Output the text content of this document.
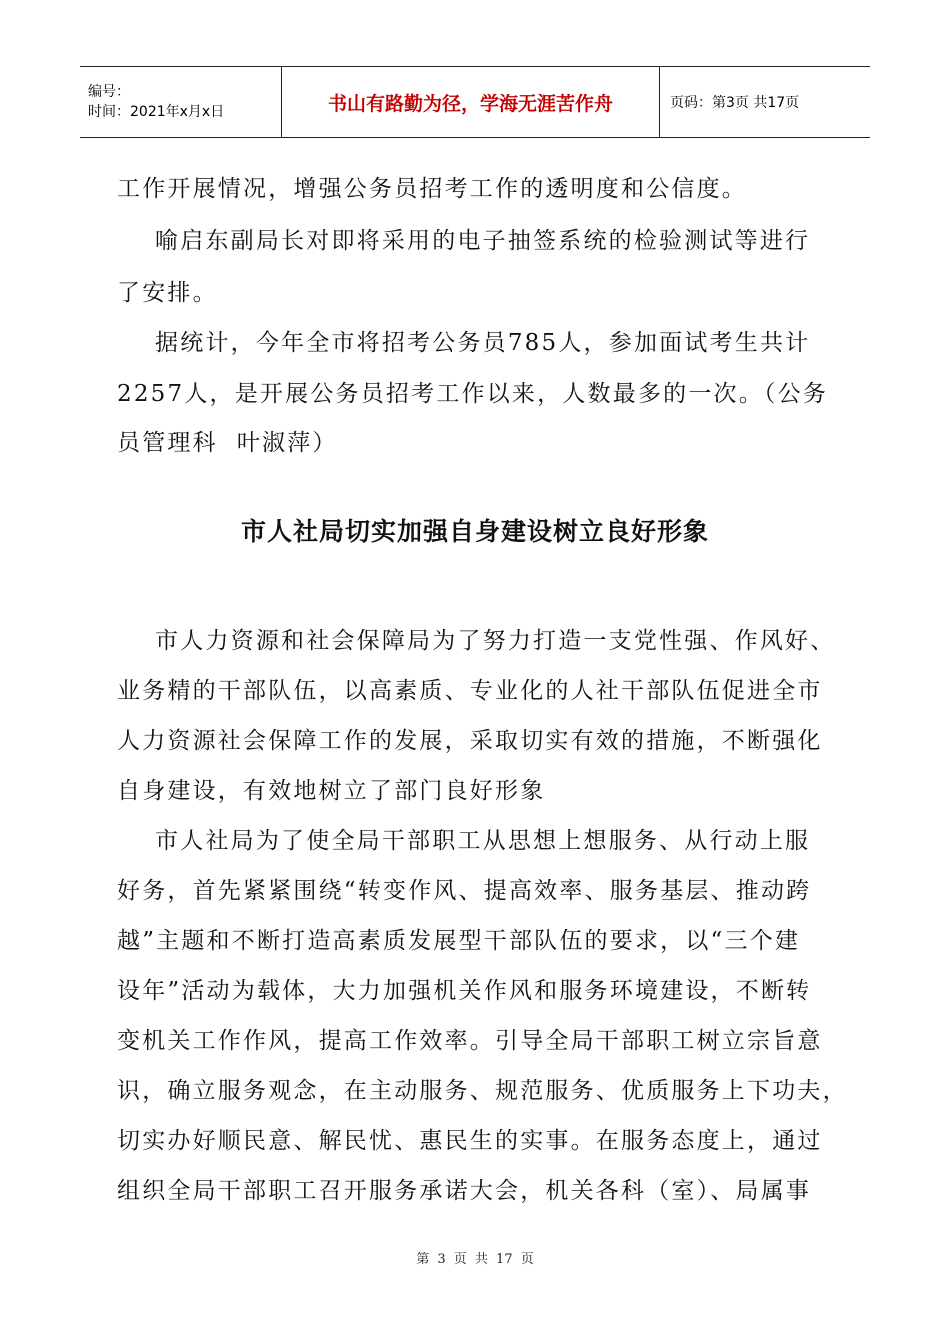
编号：
时间：2021年x月x日	书山有路勤为径，学海无涯苦作舟	页码：第3页 共17页
工作开展情况，增强公务员招考工作的透明度和公信度。
喻启东副局长对即将采用的电子抽签系统的检验测试等进行
了安排。
据统计，今年全市将招考公务员785人，参加面试考生共计
2257人，是开展公务员招考工作以来，人数最多的一次。（公务
员管理科  叶淑萍）
市人社局切实加强自身建设树立良好形象
市人力资源和社会保障局为了努力打造一支党性强、作风好、
业务精的干部队伍，以高素质、专业化的人社干部队伍促进全市
人力资源社会保障工作的发展，采取切实有效的措施，不断强化
自身建设，有效地树立了部门良好形象
市人社局为了使全局干部职工从思想上想服务、从行动上服
好务，首先紧紧围绕“转变作风、提高效率、服务基层、推动跨
越”主题和不断打造高素质发展型干部队伍的要求，以“三个建
设年”活动为载体，大力加强机关作风和服务环境建设，不断转
变机关工作作风，提高工作效率。引导全局干部职工树立宗旨意
识，确立服务观念，在主动服务、规范服务、优质服务上下功夫，
切实办好顺民意、解民忧、惠民生的实事。在服务态度上，通过
组织全局干部职工召开服务承诺大会，机关各科（室）、局属事
第 3 页 共 17 页
